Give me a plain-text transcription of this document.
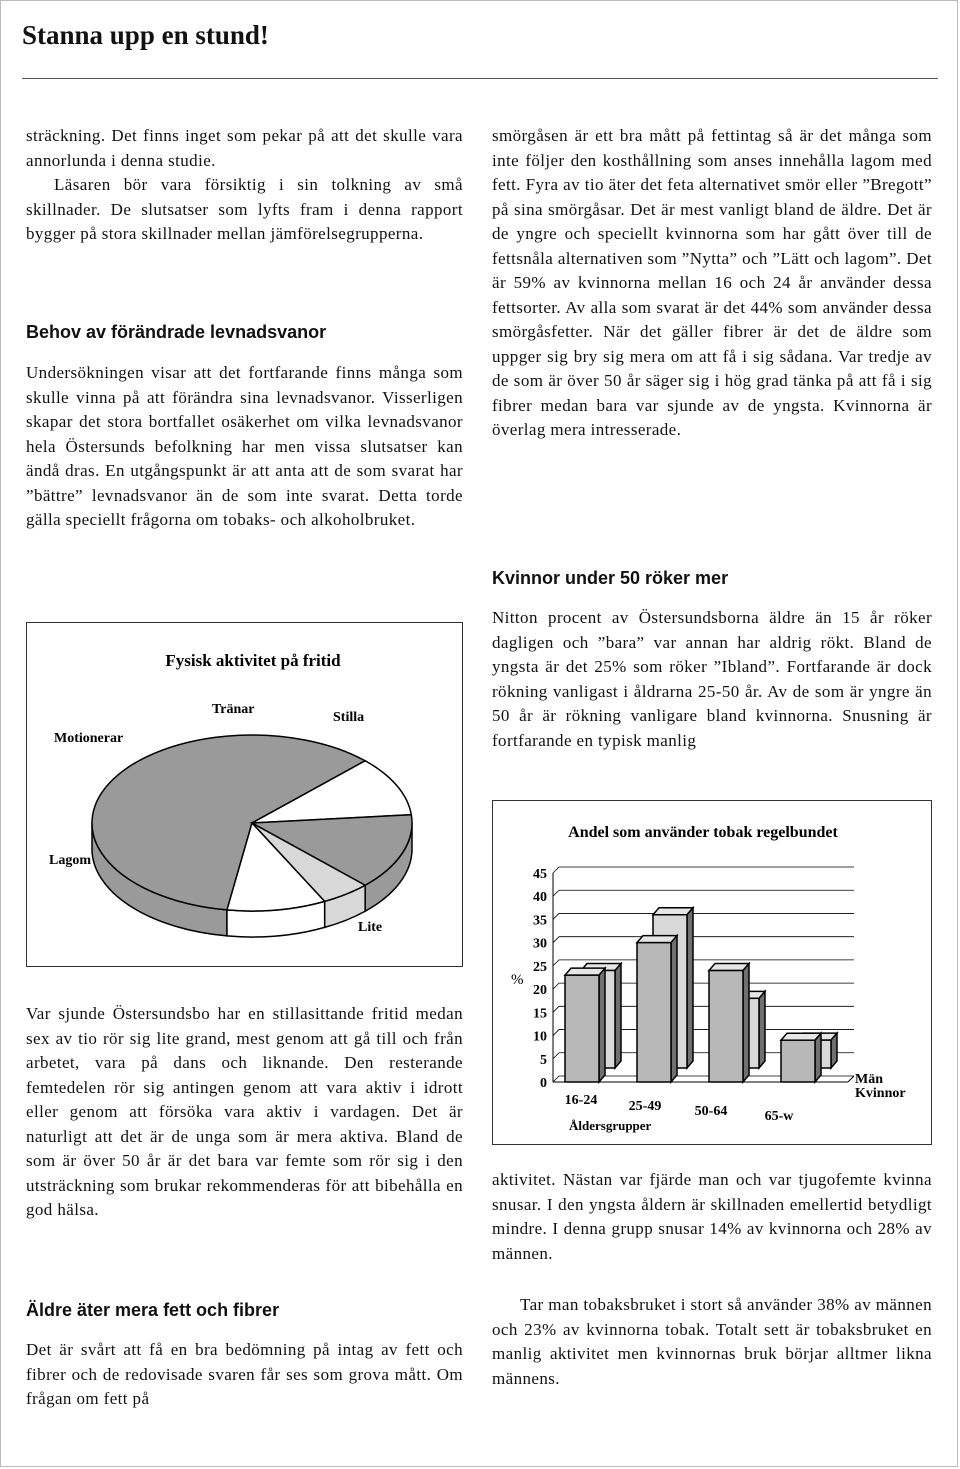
Stanna upp en stund!

sträckning. Det finns inget som pekar på att det skulle vara annorlunda i denna studie.

Läsaren bör vara försiktig i sin tolkning av små skillnader. De slutsatser som lyfts fram i denna rapport bygger på stora skillnader mellan jämförelsegrupperna.

Behov av förändrade levnadsvanor
Undersökningen visar att det fortfarande finns många som skulle vinna på att förändra sina levnadsvanor. Visserligen skapar det stora bortfallet osäkerhet om vilka levnadsvanor hela Östersunds befolkning har men vissa slutsatser kan ändå dras. En utgångspunkt är att anta att de som svarat har ”bättre” levnadsvanor än de som inte svarat. Detta torde gälla speciellt frågorna om tobaks- och alkoholbruket.
Fysisk aktivitet på fritid
Motionerar
Tränar
Stilla
Lagom
Lite
Var sjunde Östersundsbo har en stillasittande fritid medan sex av tio rör sig lite grand, mest genom att gå till och från arbetet, vara på dans och liknande. Den resterande femtedelen rör sig antingen genom att vara aktiv i idrott eller genom att försöka vara aktiv i vardagen. Det är naturligt att det är de unga som är mera aktiva. Bland de som är över 50 år är det bara var femte som rör sig i den utsträckning som brukar rekommenderas för att bibehålla en god hälsa.
Äldre äter mera fett och fibrer
Det är svårt att få en bra bedömning på intag av fett och fibrer och de redovisade svaren får ses som grova mått. Om frågan om fett på
smörgåsen är ett bra mått på fettintag så är det många som inte följer den kosthållning som anses innehålla lagom med fett. Fyra av tio äter det feta alternativet smör eller ”Bregott” på sina smörgåsar. Det är mest vanligt bland de äldre. Det är de yngre och speciellt kvinnorna som har gått över till de fettsnåla alternativen som ”Nytta” och ”Lätt och lagom”. Det är 59% av kvinnorna mellan 16 och 24 år använder dessa fettsorter. Av alla som svarat är det 44% som använder dessa smörgåsfetter. När det gäller fibrer är det de äldre som uppger sig bry sig mera om att få i sig sådana. Var tredje av de som är över 50 år säger sig i hög grad tänka på att få i sig fibrer medan bara var sjunde av de yngsta. Kvinnorna är överlag mera intresserade.
Kvinnor under 50 röker mer
Nitton procent av Östersundsborna äldre än 15 år röker dagligen och ”bara” var annan har aldrig rökt. Bland de yngsta är det 25% som röker ”Ibland”. Fortfarande är dock rökning vanligast i åldrarna 25-50 år. Av de som är yngre än 50 år är rökning vanligare bland kvinnorna. Snusning är fortfarande en typisk manlig
Andel som använder tobak regelbundet
%
Åldersgrupper
0
5
10
15
20
25
30
35
40
45
16-24 25-49 50-64	65-w
Män
Kvinnor
aktivitet. Nästan var fjärde man och var tjugofemte kvinna snusar. I den yngsta åldern är skillnaden emellertid betydligt mindre. I denna grupp snusar 14% av kvinnorna och 28% av männen.
Tar man tobaksbruket i stort så använder 38% av männen och 23% av kvinnorna tobak. Totalt sett är tobaksbruket en manlig aktivitet men kvinnornas bruk börjar alltmer likna männens.
